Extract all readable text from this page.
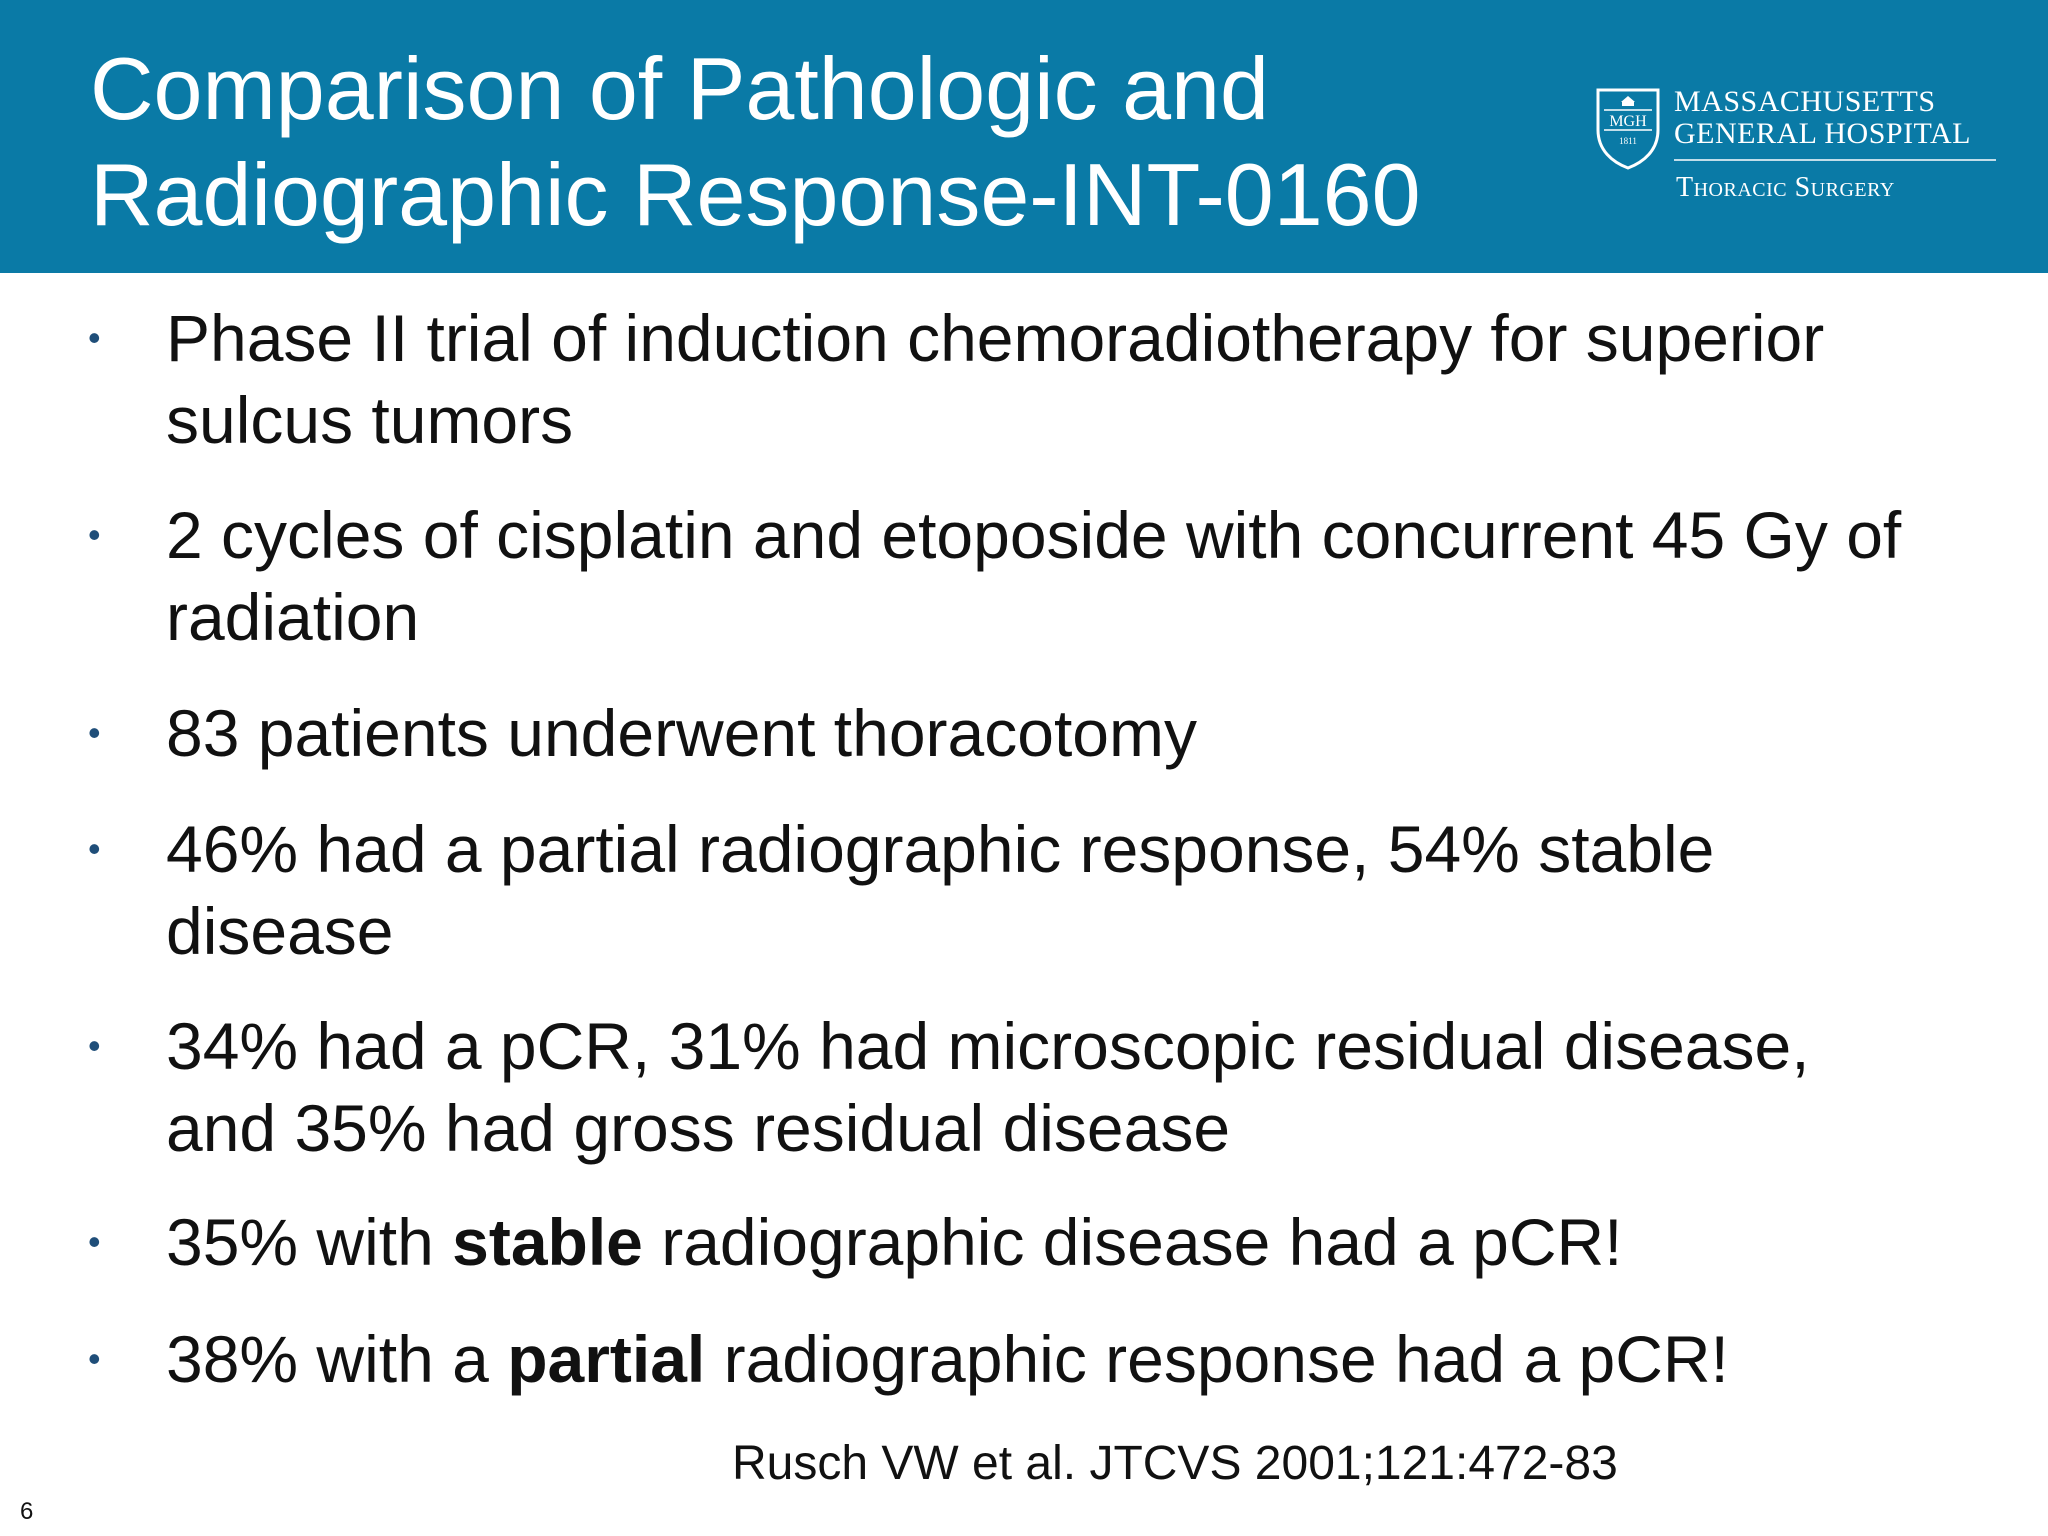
Comparison of Pathologic and
Radiographic Response-INT-0160
MGH
1811
MASSACHUSETTS
GENERAL HOSPITAL
Thoracic Surgery
• Phase II trial of induction chemoradiotherapy for superior
sulcus tumors
• 2 cycles of cisplatin and etoposide with concurrent 45 Gy of
radiation
• 83 patients underwent thoracotomy
• 46% had a partial radiographic response, 54% stable
disease
• 34% had a pCR, 31% had microscopic residual disease,
and 35% had gross residual disease
• 35% with stable radiographic disease had a pCR!
• 38% with a partial radiographic response had a pCR!
Rusch VW et al. JTCVS 2001;121:472-83
6
